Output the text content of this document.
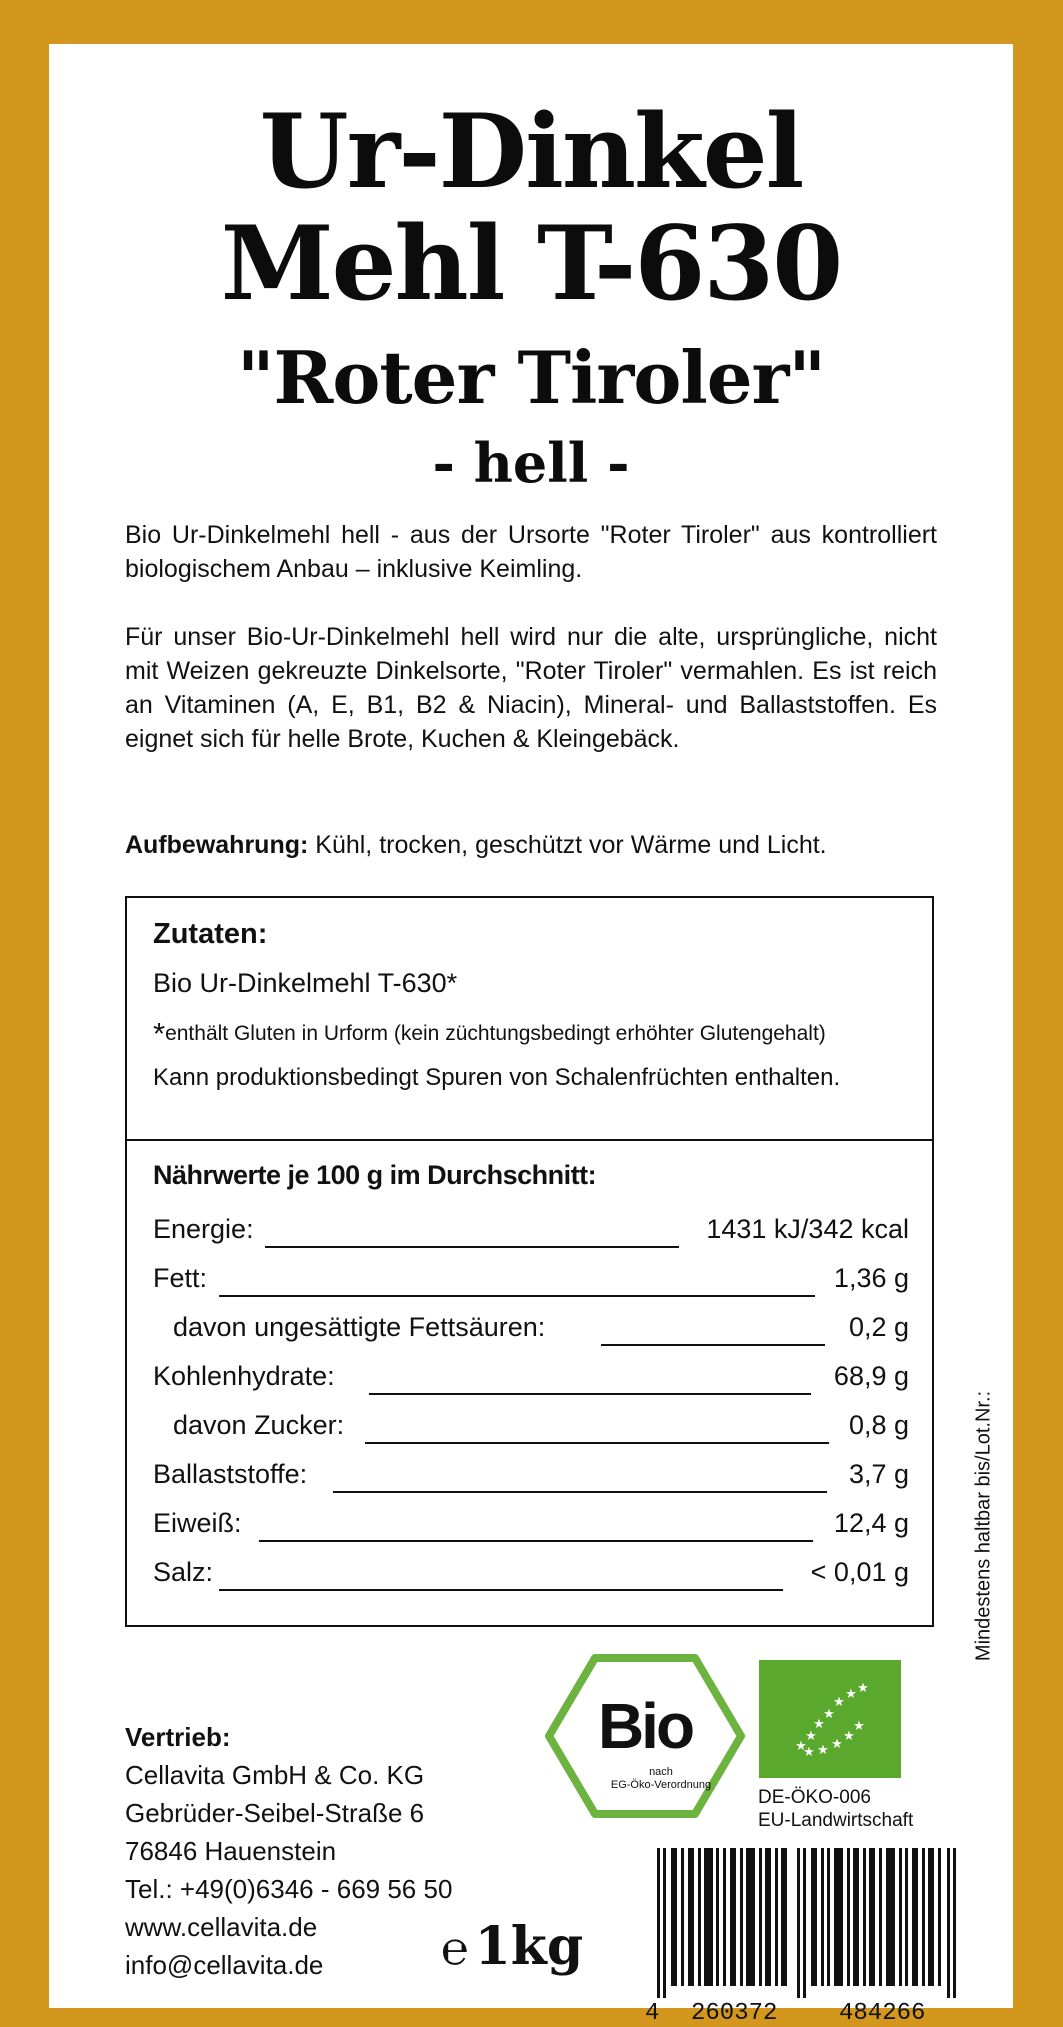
Ur-Dinkel
Mehl T-630
"Roter Tiroler"
- hell -
Bio Ur-Dinkelmehl hell - aus der Ursorte "Roter Tiroler" aus kontrolliert biologischem Anbau – inklusive Keimling.
Für unser Bio-Ur-Dinkelmehl hell wird nur die alte, ursprüngliche, nicht mit Weizen gekreuzte Dinkelsorte, "Roter Tiroler" vermahlen. Es ist reich an Vitaminen (A, E, B1, B2 & Niacin), Mineral- und Ballaststoffen. Es eignet sich für helle Brote, Kuchen & Kleingebäck.
Aufbewahrung: Kühl, trocken, geschützt vor Wärme und Licht.
Zutaten:
Bio Ur-Dinkelmehl T-630*
*enthält Gluten in Urform (kein züchtungsbedingt erhöhter Glutengehalt)
Kann produktionsbedingt Spuren von Schalenfrüchten enthalten.
Nährwerte je 100 g im Durchschnitt:
Energie:	1431 kJ/342 kcal
Fett:	1,36 g
davon ungesättigte Fettsäuren:	0,2 g
Kohlenhydrate:	68,9 g
davon Zucker:	0,8 g
Ballaststoffe:	3,7 g
Eiweiß:	12,4 g
Salz:	< 0,01 g	Mindestens haltbar bis/Lot.Nr.:
Vertrieb:
Cellavita GmbH & Co. KG
Gebrüder-Seibel-Straße 6
76846 Hauenstein
Tel.: +49(0)6346 - 669 56 50
www.cellavita.de
info@cellavita.de
Bio
nach
EG-Öko-Verordnung
★
★
★
★
★
★ ★
★ ★ ★
★
★
DE-ÖKO-006
EU-Landwirtschaft
℮ 1kg
4 260372	484266
